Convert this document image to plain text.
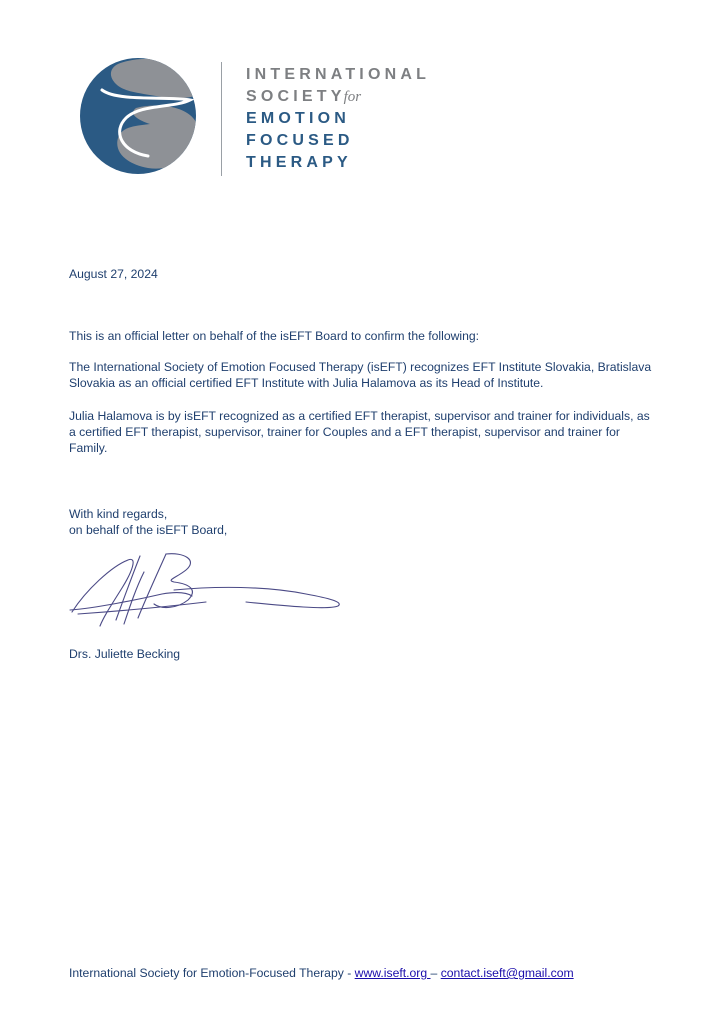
INTERNATIONAL
SOCIETYfor
EMOTION
FOCUSED
THERAPY

August 27, 2024

This is an official letter on behalf of the isEFT Board to confirm the following:

The International Society of Emotion Focused Therapy (isEFT) recognizes EFT Institute Slovakia, Bratislava Slovakia as an official certified EFT Institute with Julia Halamova as its Head of Institute.

Julia Halamova is by isEFT recognized as a certified EFT therapist, supervisor and trainer for individuals, as a certified EFT therapist, supervisor, trainer for Couples and a EFT therapist, supervisor and trainer for Family.

With kind regards,

on behalf of the isEFT Board,

Drs. Juliette Becking

International Society for Emotion-Focused Therapy - www.iseft.org – contact.iseft@gmail.com
